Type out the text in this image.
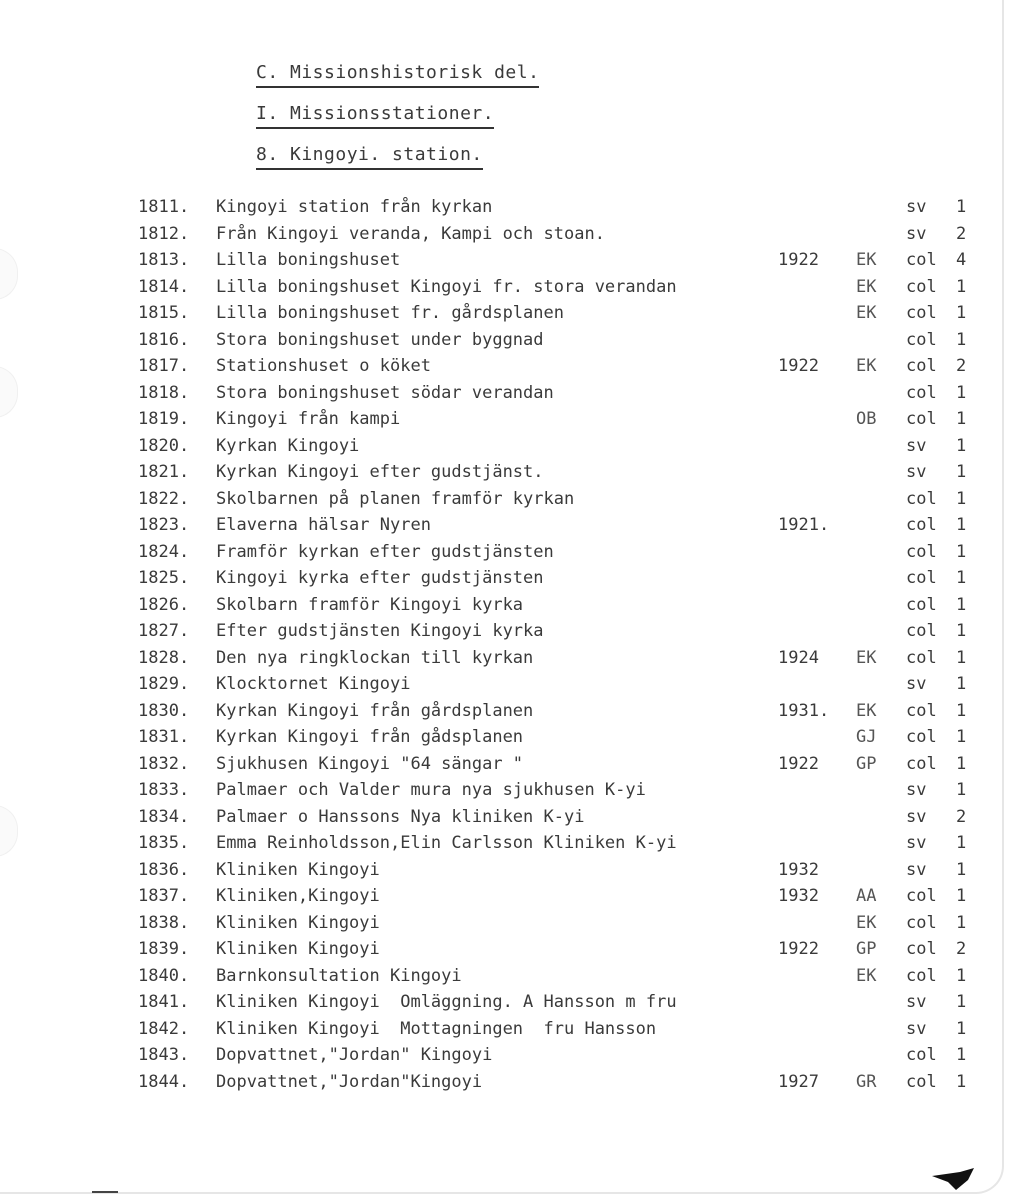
C. Missionshistorisk del.
I. Missionsstationer.
8. Kingoyi. station.
1811. Kingoyi station från kyrkan	sv 1
1812. Från Kingoyi veranda, Kampi och stoan.	sv 2
1813. Lilla boningshuset	1922 EK col 4
1814. Lilla boningshuset Kingoyi fr. stora verandan	EK col 1
1815. Lilla boningshuset fr. gårdsplanen	EK col 1
1816. Stora boningshuset under byggnad	col 1
1817. Stationshuset o köket	1922 EK col 2
1818. Stora boningshuset södar verandan	col 1
1819. Kingoyi från kampi	OB col 1
1820. Kyrkan Kingoyi	sv 1
1821. Kyrkan Kingoyi efter gudstjänst.	sv 1
1822. Skolbarnen på planen framför kyrkan	col 1
1823. Elaverna hälsar Nyren	1921.	col 1
1824. Framför kyrkan efter gudstjänsten	col 1
1825. Kingoyi kyrka efter gudstjänsten	col 1
1826. Skolbarn framför Kingoyi kyrka	col 1
1827. Efter gudstjänsten Kingoyi kyrka	col 1
1828. Den nya ringklockan till kyrkan	1924 EK col 1
1829. Klocktornet Kingoyi	sv 1
1830. Kyrkan Kingoyi från gårdsplanen	1931. EK col 1
1831. Kyrkan Kingoyi från gådsplanen	GJ col 1
1832. Sjukhusen Kingoyi "64 sängar "	1922 GP col 1
1833. Palmaer och Valder mura nya sjukhusen K-yi	sv 1
1834. Palmaer o Hanssons Nya kliniken K-yi	sv 2
1835. Emma Reinholdsson,Elin Carlsson Kliniken K-yi	sv 1
1836. Kliniken Kingoyi	1932	sv 1
1837. Kliniken,Kingoyi	1932 AA col 1
1838. Kliniken Kingoyi	EK col 1
1839. Kliniken Kingoyi	1922 GP col 2
1840. Barnkonsultation Kingoyi	EK col 1
1841. Kliniken Kingoyi  Omläggning. A Hansson m fru	sv 1
1842. Kliniken Kingoyi  Mottagningen  fru Hansson	sv 1
1843. Dopvattnet,"Jordan" Kingoyi	col 1
1844. Dopvattnet,"Jordan"Kingoyi	1927 GR col 1
